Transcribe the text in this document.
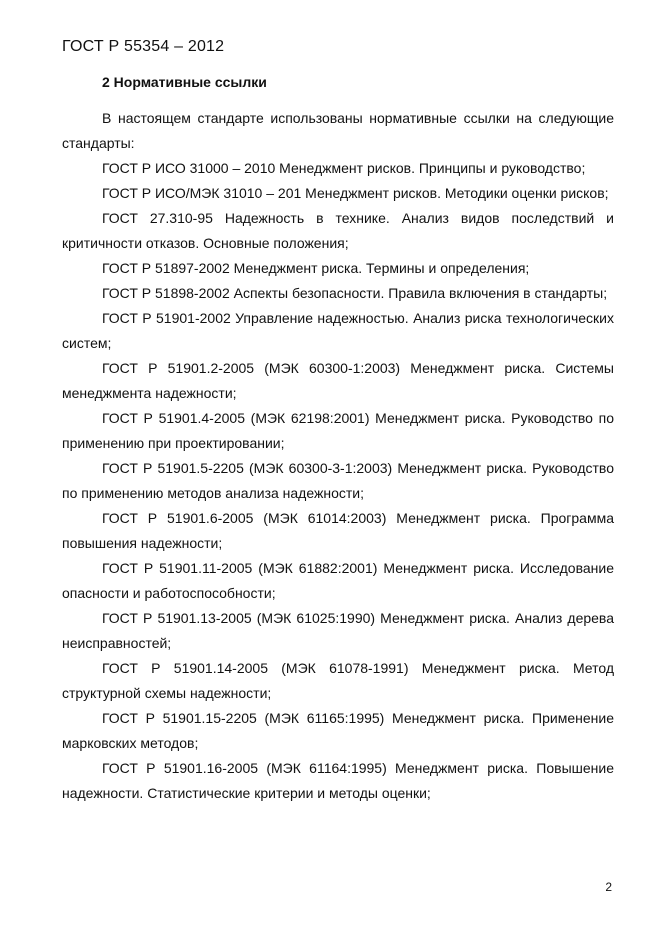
ГОСТ Р 55354 – 2012
2 Нормативные ссылки

В настоящем стандарте использованы нормативные ссылки на следующие стандарты:

ГОСТ Р ИСО 31000 – 2010 Менеджмент рисков. Принципы и руководство;

ГОСТ Р ИСО/МЭК 31010 – 201 Менеджмент рисков. Методики оценки рисков;

ГОСТ 27.310-95 Надежность в технике. Анализ видов последствий и критичности отказов. Основные положения;

ГОСТ Р 51897-2002 Менеджмент риска. Термины и определения;

ГОСТ Р 51898-2002 Аспекты безопасности. Правила включения в стандарты;

ГОСТ Р 51901-2002 Управление надежностью. Анализ риска технологических систем;

ГОСТ Р 51901.2-2005 (МЭК 60300-1:2003) Менеджмент риска. Системы менеджмента надежности;

ГОСТ Р 51901.4-2005 (МЭК 62198:2001) Менеджмент риска. Руководство по применению при проектировании;

ГОСТ Р 51901.5-2205 (МЭК 60300-3-1:2003) Менеджмент риска. Руководство по применению методов анализа надежности;

ГОСТ Р 51901.6-2005 (МЭК 61014:2003) Менеджмент риска. Программа повышения надежности;

ГОСТ Р 51901.11-2005 (МЭК 61882:2001) Менеджмент риска. Исследование опасности и работоспособности;

ГОСТ Р 51901.13-2005 (МЭК 61025:1990) Менеджмент риска. Анализ дерева неисправностей;

ГОСТ Р 51901.14-2005 (МЭК 61078-1991) Менеджмент риска. Метод структурной схемы надежности;

ГОСТ Р 51901.15-2205 (МЭК 61165:1995) Менеджмент риска. Применение марковских методов;

ГОСТ Р 51901.16-2005 (МЭК 61164:1995) Менеджмент риска. Повышение надежности. Статистические критерии и методы оценки;

2
